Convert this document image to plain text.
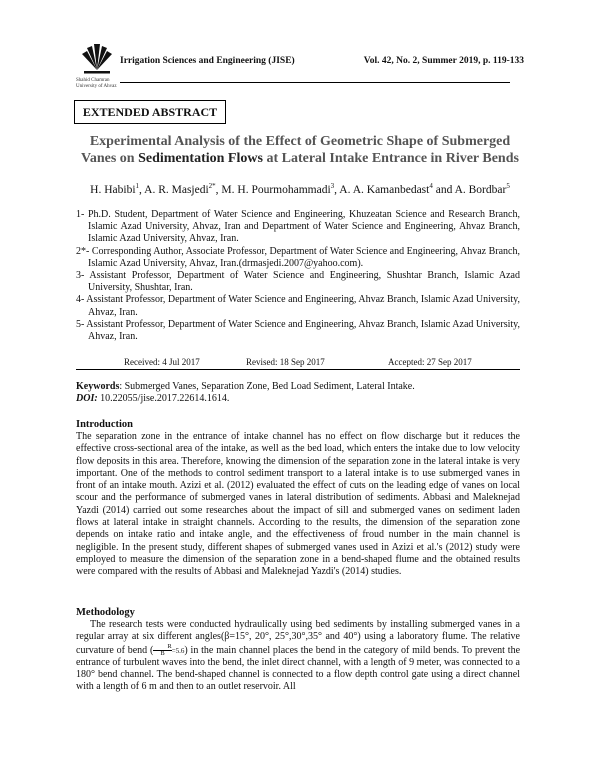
Shahid Chamran
University of Ahvaz
Irrigation Sciences and Engineering (JISE)	Vol. 42, No. 2, Summer 2019, p. 119-133
EXTENDED ABSTRACT
Experimental Analysis of the Effect of Geometric Shape of Submerged
Vanes on Sedimentation Flows at Lateral Intake Entrance in River Bends
H. Habibi$^1$, A. R. Masjedi$^{2*}$, M. H. Pourmohammadi$^3$, A. A. Kamanbedast$^4$ and A. Bordbar$^5$

1- Ph.D. Student, Department of Water Science and Engineering, Khuzeatan Science and Research Branch, Islamic Azad University, Ahvaz, Iran and Department of Water Science and Engineering, Ahvaz Branch, Islamic Azad University, Ahvaz, Iran.

2*- Corresponding Author, Associate Professor, Department of Water Science and Engineering, Ahvaz Branch, Islamic Azad University, Ahvaz, Iran.(drmasjedi.2007@yahoo.com).

3- Assistant Professor, Department of Water Science and Engineering, Shushtar Branch, Islamic Azad University, Shushtar, Iran.

4- Assistant Professor, Department of Water Science and Engineering, Ahvaz Branch, Islamic Azad University, Ahvaz, Iran.

5- Assistant Professor, Department of Water Science and Engineering, Ahvaz Branch, Islamic Azad University, Ahvaz, Iran.

Received: 4 Jul 2017	Revised: 18 Sep 2017	Accepted: 27 Sep 2017
Keywords: Submerged Vanes, Separation Zone, Bed Load Sediment, Lateral Intake.
DOI: 10.22055/jise.2017.22614.1614.

Introduction

The separation zone in the entrance of intake channel has no effect on flow discharge but it reduces the effective cross-sectional area of the intake, as well as the bed load, which enters the intake due to low velocity flow deposits in this area. Therefore, knowing the dimension of the separation zone in the lateral intake is very important. One of the methods to control sediment transport to a lateral intake is to use submerged vanes in front of an intake mouth. Azizi et al. (2012) evaluated the effect of cuts on the leading edge of vanes on local scour and the performance of submerged vanes in lateral distribution of sediments. Abbasi and Maleknejad Yazdi (2014) carried out some researches about the impact of sill and submerged vanes on sediment laden flows at lateral intake in straight channels. According to the results, the dimension of the separation zone depends on intake ratio and intake angle, and the effectiveness of froud number in the main channel is negligible. In the present study, different shapes of submerged vanes used in Azizi et al.'s (2012) study were employed to measure the dimension of the separation zone in a bend-shaped flume and the obtained results were compared with the results of Abbasi and Maleknejad Yazdi's (2014) studies.

Methodology

The research tests were conducted hydraulically using bed sediments by installing submerged vanes in a regular array at six different angles(β=15°, 20°, 25°,30°,35° and 40°) using a laboratory flume. The relative curvature of bend ( $\frac{R}{B}=5.6$) in the main channel places the bend in the category of mild bends. To prevent the entrance of turbulent waves into the bend, the inlet direct channel, with a length of 9 meter, was connected to a 180° bend channel. The bend-shaped channel is connected to a flow depth control gate using a direct channel with a length of 6 m and then to an outlet reservoir. All
